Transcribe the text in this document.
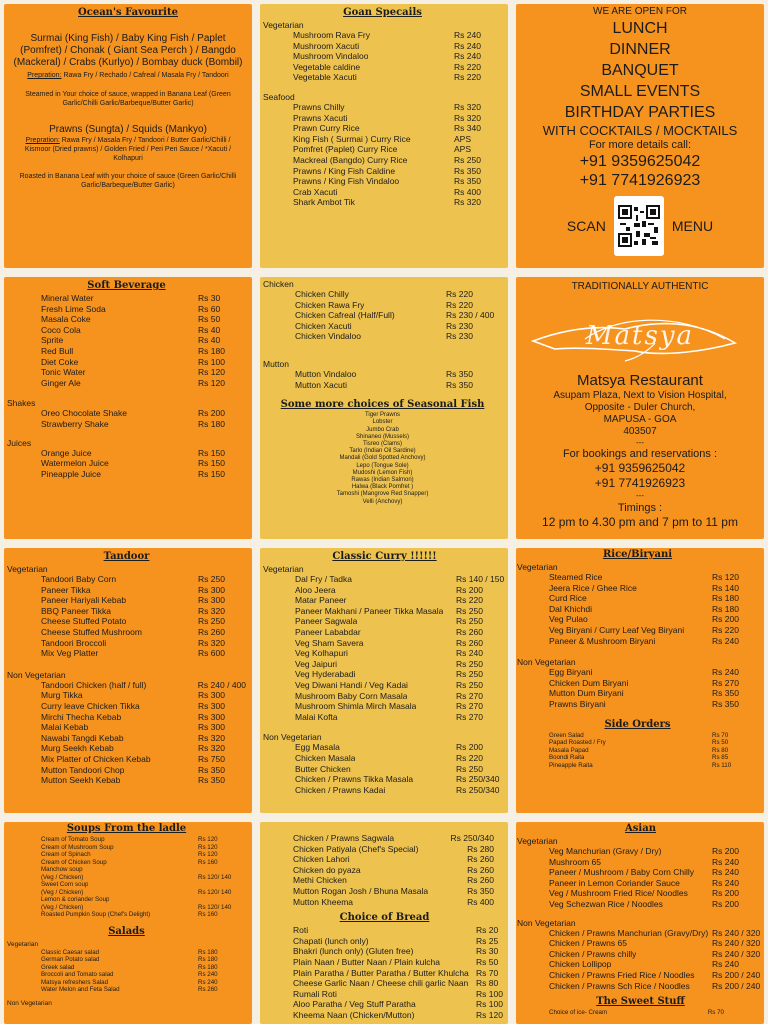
Ocean's Favourite
Surmai (King Fish) / Baby King Fish / Paplet (Pomfret) / Chonak ( Giant Sea Perch ) / Bangdo (Mackeral) / Crabs (Kurlyo) / Bombay duck (Bombil)
Prepration: Rawa Fry / Rechado / Cafreal / Masala Fry / Tandoori
Steamed in Your choice of sauce, wrapped in Banana Leaf (Green Garlic/Chilli Garlic/Barbeque/Butter Garlic)
Prawns (Sungta) / Squids (Mankyo)
Prepration: Rawa Fry / Masala Fry / Tandoori / Butter Garlic/Chilli / Kismoor (Dried prawns) / Golden Fried / Peri Peri Sauce / *Xacuti / Kolhapuri
Roasted in Banana Leaf with your choice of sauce (Green Garlic/Chilli Garlic/Barbeque/Butter Garlic)
Goan Specails
Vegetarian
Mushroom Rava Fry	Rs 240
Mushroom Xacuti	Rs 240
Mushroom Vindaloo	Rs 240
Vegetable caldine	Rs 220
Vegetable Xacuti	Rs 220
Seafood
Prawns Chilly	Rs 320
Prawns Xacuti	Rs 320
Prawn Curry Rice	Rs 340
King Fish ( Surmai ) Curry Rice	APS
Pomfret (Paplet) Curry Rice	APS
Mackreal (Bangdo) Curry Rice	Rs 250
Prawns / King Fish Caldine	Rs 350
Prawns / King Fish Vindaloo	Rs 350
Crab Xacuti	Rs 400
Shark Ambot Tik	Rs 320
WE ARE OPEN FOR
LUNCH
DINNER
BANQUET
SMALL EVENTS
BIRTHDAY PARTIES
WITH COCKTAILS / MOCKTAILS
For more details call:
+91 9359625042
+91 7741926923
SCAN	MENU
Soft Beverage
Mineral Water	Rs 30
Fresh Lime Soda	Rs 60
Masala Coke	Rs 50
Coco Cola	Rs 40
Sprite	Rs 40
Red Bull	Rs 180
Diet Coke	Rs 100
Tonic Water	Rs 120
Ginger Ale	Rs 120
Shakes
Oreo Chocolate Shake	Rs 200
Strawberry Shake	Rs 180
Juices
Orange Juice	Rs 150
Watermelon Juice	Rs 150
Pineapple Juice	Rs 150
Chicken
Chicken Chilly	Rs 220
Chicken Rawa Fry	Rs 220
Chicken Cafreal (Half/Full)	Rs 230 / 400
Chicken Xacuti	Rs 230
Chicken Vindaloo	Rs 230
Mutton
Mutton Vindaloo	Rs 350
Mutton Xacuti	Rs 350
Some more choices of Seasonal Fish
Tiger Prawns
Lobster
Jumbo Crab
Shinaneo (Mussels)
Tisreo (Clams)
Tarlo (Indian Oil Sardine)
Mandali (Gold Spotted Anchovy)
Lepo (Tongue Sole)
Mudoshi (Lemon Fish)
Rawas (Indian Salmon)
Halwa (Black Pomfret )
Tamoshi (Mangrove Red Snapper)
Velli (Anchovy)
TRADITIONALLY AUTHENTIC
Matsya
Matsya Restaurant
Asupam Plaza, Next to Vision Hospital,
Opposite - Duler Church,
MAPUSA - GOA
403507
---
For bookings and reservations :
+91 9359625042
+91 7741926923
---
Timings :
12 pm to 4.30 pm and 7 pm to 11 pm
Tandoor
Vegetarian
Tandoori Baby Corn	Rs 250
Paneer Tikka	Rs 300
Paneer Hariyali Kebab	Rs 300
BBQ Paneer Tikka	Rs 320
Cheese Stuffed Potato	Rs 250
Cheese Stuffed Mushroom	Rs 260
Tandoori Broccoli	Rs 320
Mix Veg Platter	Rs 600
Non Vegetarian
Tandoori Chicken (half / full)	Rs 240 / 400
Murg Tikka	Rs 300
Curry leave Chicken Tikka	Rs 300
Mirchi Thecha Kebab	Rs 300
Malai Kebab	Rs 300
Nawabi Tangdi Kebab	Rs 320
Murg Seekh Kebab	Rs 320
Mix Platter of Chicken Kebab	Rs 750
Mutton Tandoori Chop	Rs 350
Mutton Seekh Kebab	Rs 350
Classic Curry !!!!!!
Vegetarian
Dal Fry / Tadka	Rs 140 / 150
Aloo Jeera	Rs 200
Matar Paneer	Rs 220
Paneer Makhani / Paneer Tikka Masala Rs 250
Paneer Sagwala	Rs 250
Paneer Lababdar	Rs 260
Veg Sham Savera	Rs 260
Veg Kolhapuri	Rs 240
Veg Jaipuri	Rs 250
Veg Hyderabadi	Rs 250
Veg Diwani Handi / Veg Kadai	Rs 250
Mushroom Baby Corn Masala	Rs 270
Mushroom Shimla Mirch Masala	Rs 270
Malai Kofta	Rs 270
Non Vegetarian
Egg Masala	Rs 200
Chicken Masala	Rs 220
Butter Chicken	Rs 250
Chicken / Prawns Tikka Masala	Rs 250/340
Chicken / Prawns Kadai	Rs 250/340
Rice/Biryani
Vegetarian
Steamed Rice	Rs 120
Jeera Rice / Ghee Rice	Rs 140
Curd Rice	Rs 180
Dal Khichdi	Rs 180
Veg Pulao	Rs 200
Veg Biryani / Curry Leaf Veg Biryani	Rs 220
Paneer & Mushroom Biryani	Rs 240
Non Vegetarian
Egg Biryani	Rs 240
Chicken Dum Biryani	Rs 270
Mutton Dum Biryani	Rs 350
Prawns Biryani	Rs 350
Side Orders
Green Salad	Rs 70
Papad Roasted / Fry	Rs 50
Masala Papad	Rs 80
Boondi Raita	Rs 85
Pineapple Raita	Rs 110
Soups From the ladle
Cream of Tomato Soup	Rs 120
Cream of Mushroom Soup	Rs 120
Cream of Spinach	Rs 120
Cream of Chicken Soup	Rs 160
Manchow soup
(Veg / Chicken)	Rs 120/ 140
Sweet Corn soup
(Veg / Chicken)	Rs 120/ 140
Lemon & coriander Soup
(Veg / Chicken)	Rs 120/ 140
Roasted Pumpkin Soup (Chef's Delight)	Rs 160
Salads
Vegetarian
Classic Caesar salad	Rs 180
German Potato salad	Rs 180
Greek salad	Rs 180
Broccoli and Tomato salad	Rs 240
Matsya refreshers Salad	Rs 240
Water Melon and Feta Salad	Rs 260
Non Vegetarian
Chicken / Prawns Sagwala	Rs 250/340
Chicken Patiyala (Chef's Special)	Rs 280
Chicken Lahori	Rs 260
Chicken do pyaza	Rs 260
Methi Chicken	Rs 260
Mutton Rogan Josh / Bhuna Masala	Rs 350
Mutton Kheema	Rs 400
Choice of Bread
Roti	Rs 20
Chapati (lunch only)	Rs 25
Bhakri (lunch only) (Gluten free)	Rs 30
Plain Naan / Butter Naan / Plain kulcha	Rs 50
Plain Paratha / Butter Paratha / Butter Khulcha Rs 70
Cheese Garlic Naan / Cheese chili garlic Naan Rs 80
Rumali Roti	Rs 100
Aloo Paratha / Veg Stuff Paratha	Rs 100
Kheema Naan (Chicken/Mutton)	Rs 120
Asian
Vegetarian
Veg Manchurian (Gravy / Dry)	Rs 200
Mushroom 65	Rs 240
Paneer / Mushroom / Baby Corn Chilly Rs 240
Paneer in Lemon Coriander Sauce	Rs 240
Veg / Mushroom Fried Rice/ Noodles	Rs 200
Veg Schezwan Rice / Noodles	Rs 200
Non Vegetarian
Chicken / Prawns Manchurian (Gravy/Dry) Rs 240 / 320
Chicken / Prawns 65	Rs 240 / 320
Chicken / Prawns chilly	Rs 240 / 320
Chicken Lollipop	Rs 240
Chicken / Prawns Fried Rice / Noodles Rs 200 / 240
Chicken / Prawns Sch Rice / Noodles	Rs 200 / 240
The Sweet Stuff
Choice of ice- Cream	Rs 70
